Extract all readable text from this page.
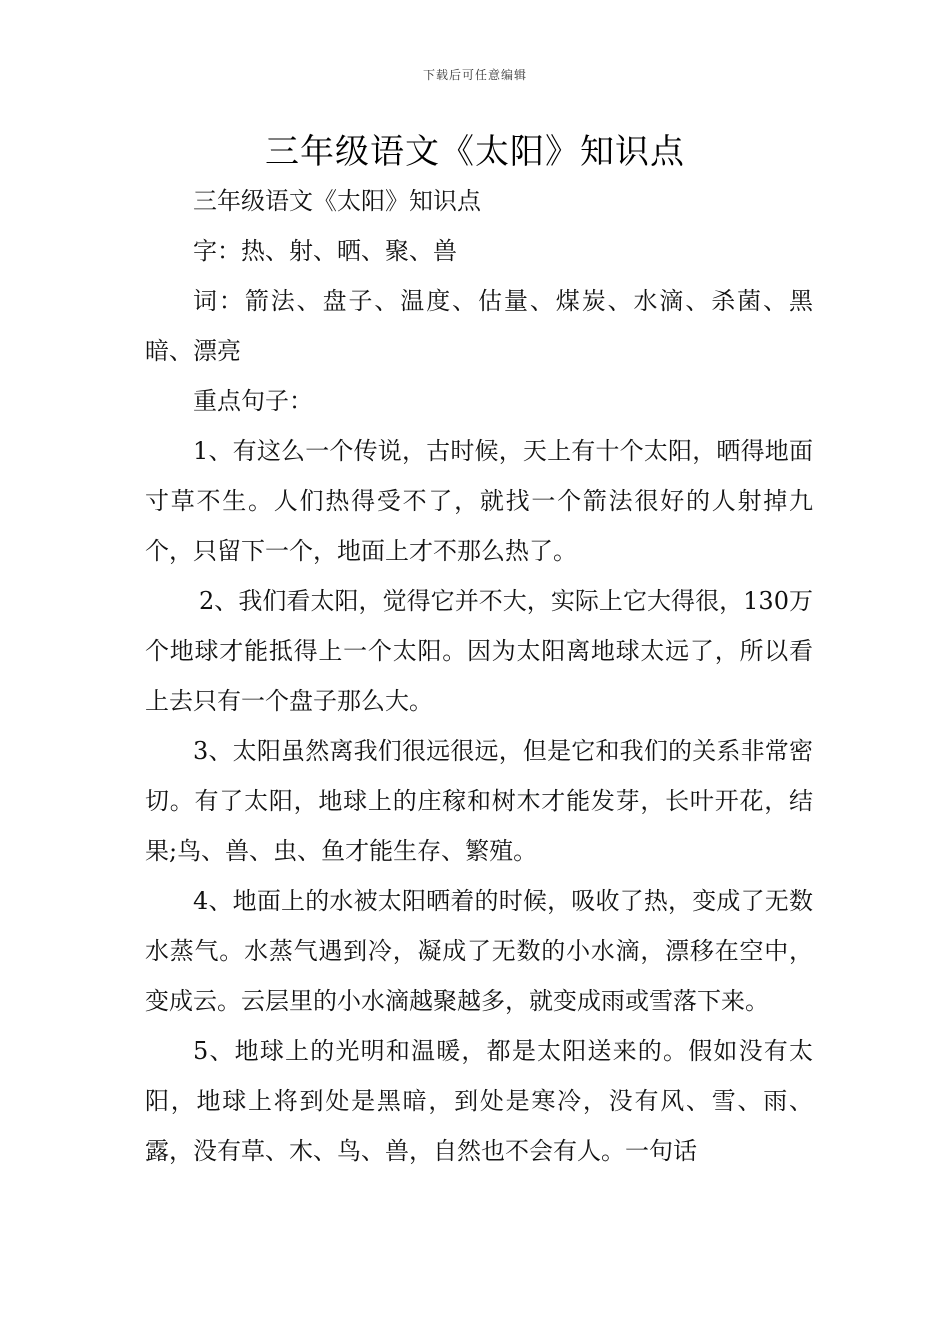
下载后可任意编辑
三年级语文《太阳》知识点

三年级语文《太阳》知识点

字：热、射、晒、聚、兽

词：箭法、盘子、温度、估量、煤炭、水滴、杀菌、黑暗、漂亮

重点句子：

1、有这么一个传说，古时候，天上有十个太阳，晒得地面寸草不生。人们热得受不了，就找一个箭法很好的人射掉九个，只留下一个，地面上才不那么热了。

2、我们看太阳，觉得它并不大，实际上它大得很，130万个地球才能抵得上一个太阳。因为太阳离地球太远了，所以看上去只有一个盘子那么大。

3、太阳虽然离我们很远很远，但是它和我们的关系非常密切。有了太阳，地球上的庄稼和树木才能发芽，长叶开花，结果;鸟、兽、虫、鱼才能生存、繁殖。

4、地面上的水被太阳晒着的时候，吸收了热，变成了无数水蒸气。水蒸气遇到冷，凝成了无数的小水滴，漂移在空中，变成云。云层里的小水滴越聚越多，就变成雨或雪落下来。

5、地球上的光明和温暖，都是太阳送来的。假如没有太阳，地球上将到处是黑暗，到处是寒冷，没有风、雪、雨、露，没有草、木、鸟、兽，自然也不会有人。一句话
